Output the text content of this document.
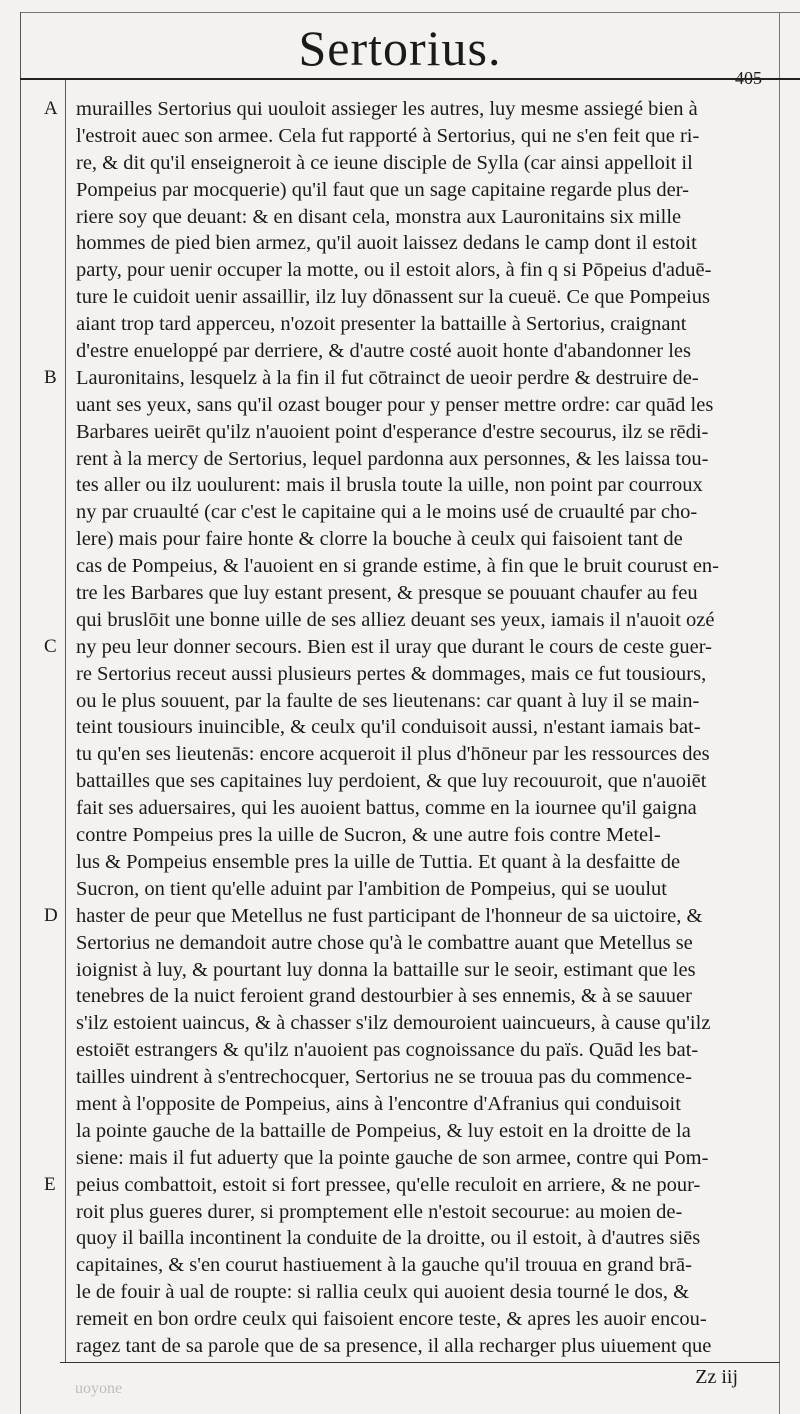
Sertorius.
405
A
B
C
D
E
murailles Sertorius qui uouloit assieger les autres, luy mesme assiegé bien à
l'estroit auec son armee. Cela fut rapporté à Sertorius, qui ne s'en feit que ri-
re, & dit qu'il enseigneroit à ce ieune disciple de Sylla (car ainsi appelloit il
Pompeius par mocquerie) qu'il faut que un sage capitaine regarde plus der-
riere soy que deuant: & en disant cela, monstra aux Lauronitains six mille
hommes de pied bien armez, qu'il auoit laissez dedans le camp dont il estoit
party, pour uenir occuper la motte, ou il estoit alors, à fin q si Pōpeius d'aduē-
ture le cuidoit uenir assaillir, ilz luy dōnassent sur la cueuë. Ce que Pompeius
aiant trop tard apperceu, n'ozoit presenter la battaille à Sertorius, craignant
d'estre enueloppé par derriere, & d'autre costé auoit honte d'abandonner les
Lauronitains, lesquelz à la fin il fut cōtrainct de ueoir perdre & destruire de-
uant ses yeux, sans qu'il ozast bouger pour y penser mettre ordre: car quād les
Barbares ueirēt qu'ilz n'auoient point d'esperance d'estre secourus, ilz se rēdi-
rent à la mercy de Sertorius, lequel pardonna aux personnes, & les laissa tou-
tes aller ou ilz uoulurent: mais il brusla toute la uille, non point par courroux
ny par cruaulté (car c'est le capitaine qui a le moins usé de cruaulté par cho-
lere) mais pour faire honte & clorre la bouche à ceulx qui faisoient tant de
cas de Pompeius, & l'auoient en si grande estime, à fin que le bruit courust en-
tre les Barbares que luy estant present, & presque se pouuant chaufer au feu
qui bruslōit une bonne uille de ses alliez deuant ses yeux, iamais il n'auoit ozé
ny peu leur donner secours. Bien est il uray que durant le cours de ceste guer-
re Sertorius receut aussi plusieurs pertes & dommages, mais ce fut tousiours,
ou le plus souuent, par la faulte de ses lieutenans: car quant à luy il se main-
teint tousiours inuincible, & ceulx qu'il conduisoit aussi, n'estant iamais bat-
tu qu'en ses lieutenās: encore acqueroit il plus d'hōneur par les ressources des
battailles que ses capitaines luy perdoient, & que luy recouuroit, que n'auoiēt
fait ses aduersaires, qui les auoient battus, comme en la iournee qu'il gaigna
contre Pompeius pres la uille de Sucron, & une autre fois contre Metel-
lus & Pompeius ensemble pres la uille de Tuttia. Et quant à la desfaitte de
Sucron, on tient qu'elle aduint par l'ambition de Pompeius, qui se uoulut
haster de peur que Metellus ne fust participant de l'honneur de sa uictoire, &
Sertorius ne demandoit autre chose qu'à le combattre auant que Metellus se
ioignist à luy, & pourtant luy donna la battaille sur le seoir, estimant que les
tenebres de la nuict feroient grand destourbier à ses ennemis, & à se sauuer
s'ilz estoient uaincus, & à chasser s'ilz demouroient uaincueurs, à cause qu'ilz
estoiēt estrangers & qu'ilz n'auoient pas cognoissance du païs. Quād les bat-
tailles uindrent à s'entrechocquer, Sertorius ne se trouua pas du commence-
ment à l'opposite de Pompeius, ains à l'encontre d'Afranius qui conduisoit
la pointe gauche de la battaille de Pompeius, & luy estoit en la droitte de la
siene: mais il fut aduerty que la pointe gauche de son armee, contre qui Pom-
peius combattoit, estoit si fort pressee, qu'elle reculoit en arriere, & ne pour-
roit plus gueres durer, si promptement elle n'estoit secourue: au moien de-
quoy il bailla incontinent la conduite de la droitte, ou il estoit, à d'autres siēs
capitaines, & s'en courut hastiuement à la gauche qu'il trouua en grand brā-
le de fouir à ual de roupte: si rallia ceulx qui auoient desia tourné le dos, &
remeit en bon ordre ceulx qui faisoient encore teste, & apres les auoir encou-
ragez tant de sa parole que de sa presence, il alla recharger plus uiuement que
Zz iij
uoyone
